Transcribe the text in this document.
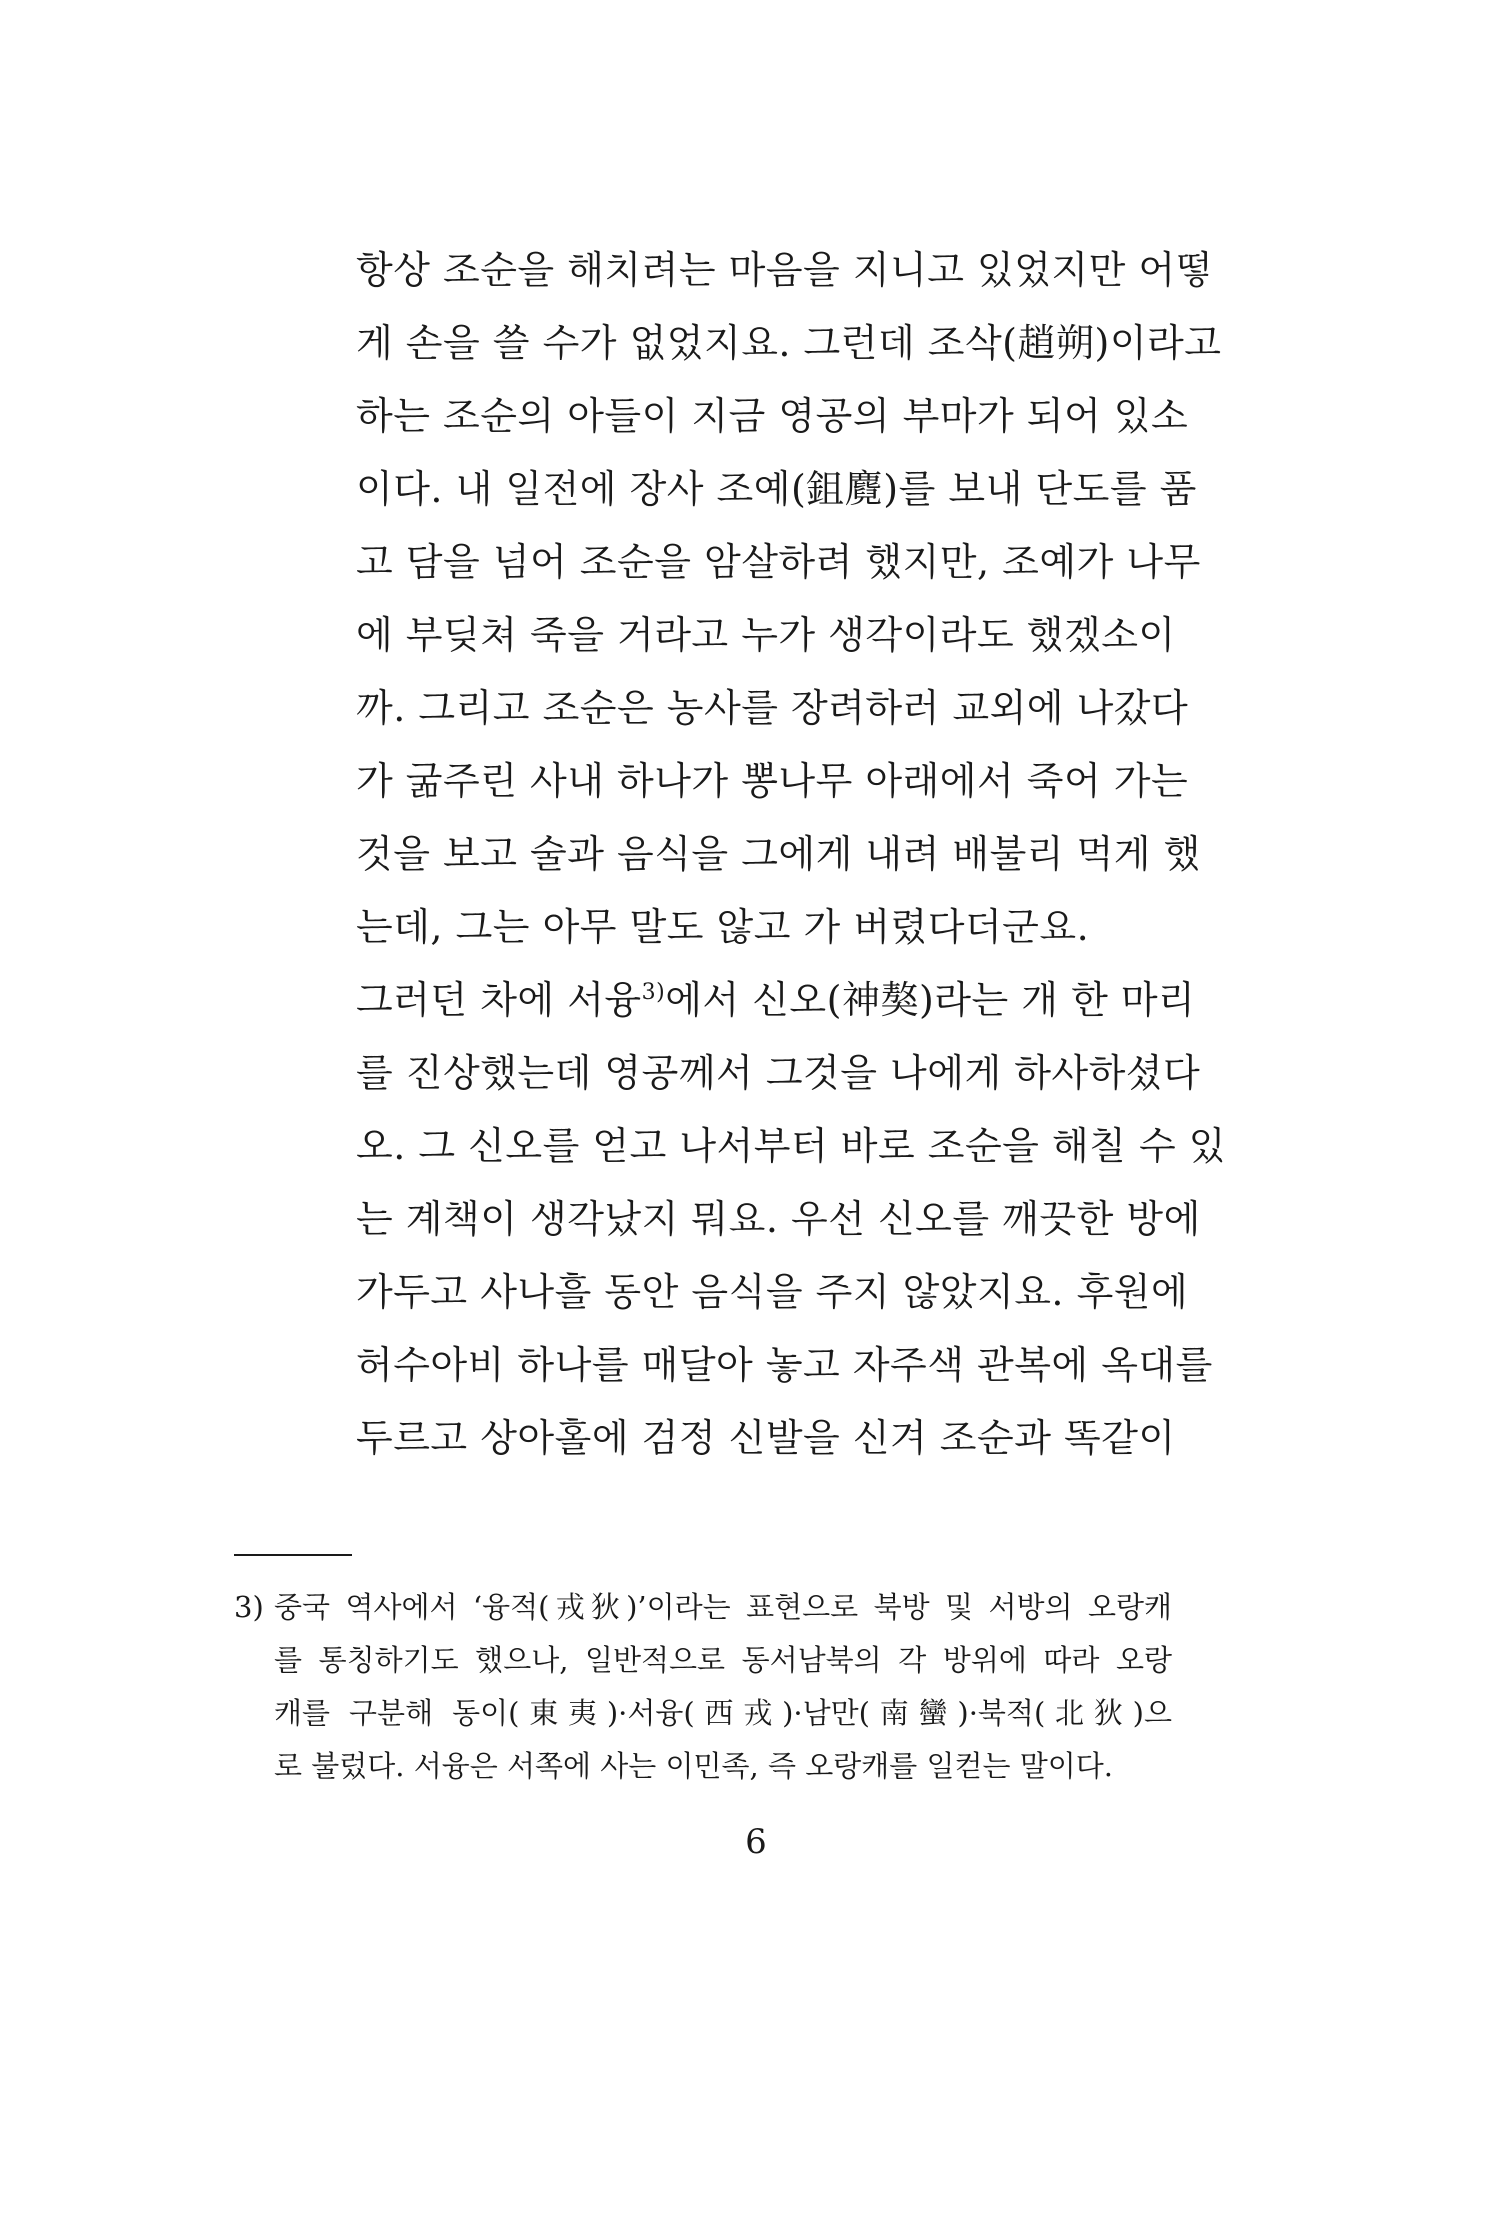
항상 조순을 해치려는 마음을 지니고 있었지만 어떻
게 손을 쓸 수가 없었지요. 그런데 조삭(趙朔)이라고
하는 조순의 아들이 지금 영공의 부마가 되어 있소
이다. 내 일전에 장사 조예(鉏麑)를 보내 단도를 품
고 담을 넘어 조순을 암살하려 했지만, 조예가 나무
에 부딪쳐 죽을 거라고 누가 생각이라도 했겠소이
까. 그리고 조순은 농사를 장려하러 교외에 나갔다
가 굶주린 사내 하나가 뽕나무 아래에서 죽어 가는
것을 보고 술과 음식을 그에게 내려 배불리 먹게 했
는데, 그는 아무 말도 않고 가 버렸다더군요.
그러던 차에 서융$^{3)}$에서 신오(神獒)라는 개 한 마리
를 진상했는데 영공께서 그것을 나에게 하사하셨다
오. 그 신오를 얻고 나서부터 바로 조순을 해칠 수 있
는 계책이 생각났지 뭐요. 우선 신오를 깨끗한 방에
가두고 사나흘 동안 음식을 주지 않았지요. 후원에
허수아비 하나를 매달아 놓고 자주색 관복에 옥대를
두르고 상아홀에 검정 신발을 신겨 조순과 똑같이
3) 중국 역사에서 ‘융적(戎狄)’이라는 표현으로 북방 및 서방의 오랑캐
를 통칭하기도 했으나, 일반적으로 동서남북의 각 방위에 따라 오랑
캐를 구분해 동이(東夷)·서융(西戎)·남만(南蠻)·북적(北狄)으
로 불렀다. 서융은 서쪽에 사는 이민족, 즉 오랑캐를 일컫는 말이다.
6
